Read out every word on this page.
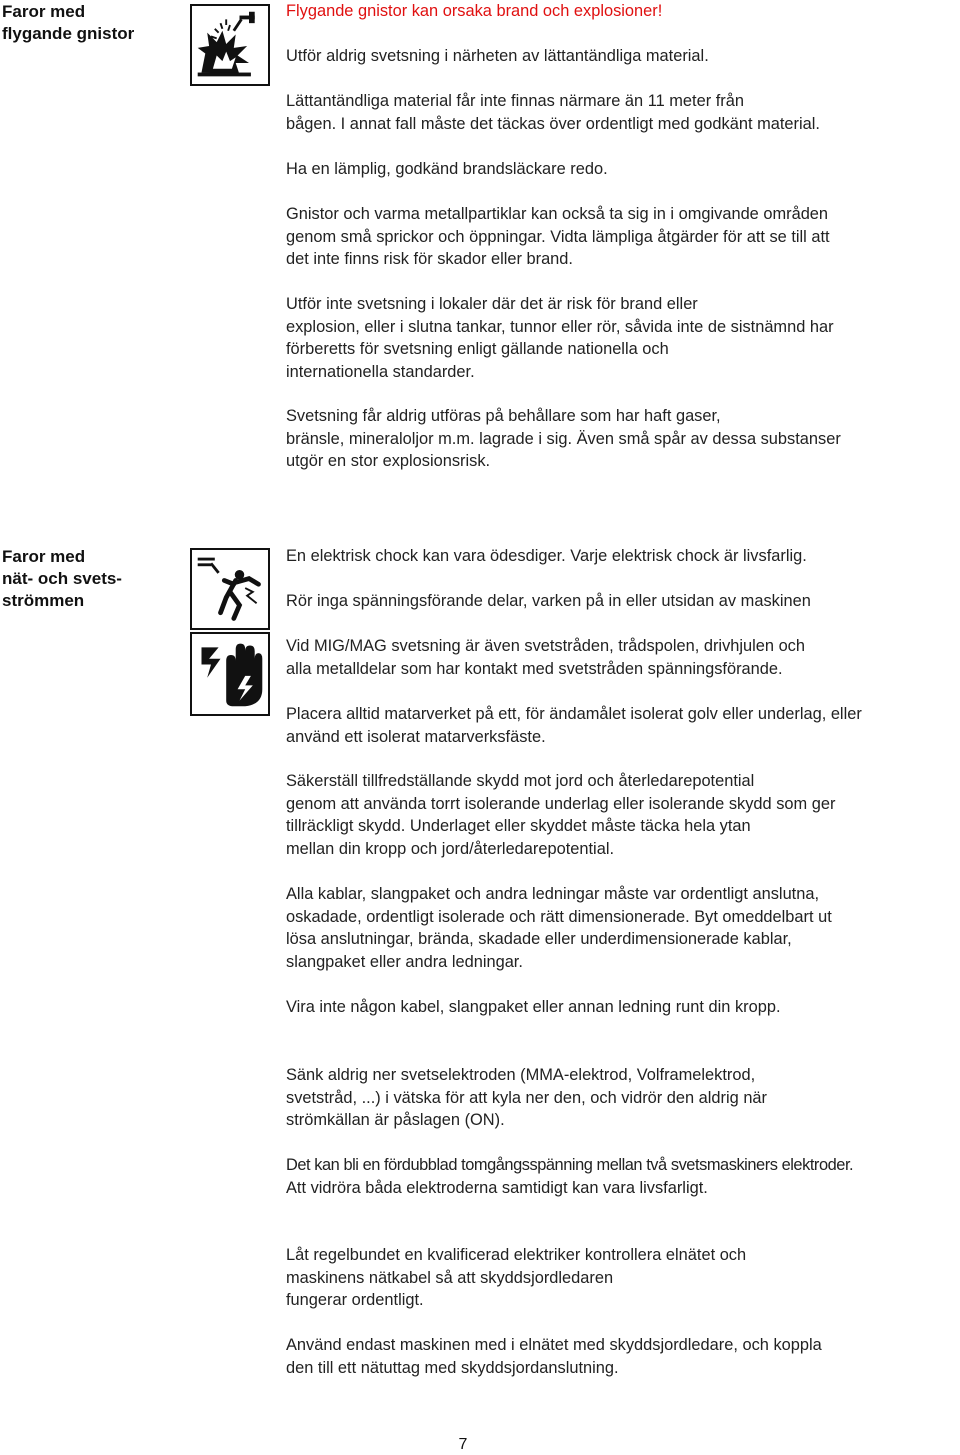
Faror med
flygande gnistor
Flygande gnistor kan orsaka brand och explosioner!
Utför aldrig svetsning i närheten av lättantändliga material.
Lättantändliga material får inte finnas närmare än 11 meter från
bågen. I annat fall måste det täckas över ordentligt med godkänt material.
Ha en lämplig, godkänd brandsläckare redo.
Gnistor och varma metallpartiklar kan också ta sig in i omgivande områden
genom små sprickor och öppningar. Vidta lämpliga åtgärder för att se till att
det inte finns risk för skador eller brand.
Utför inte svetsning i lokaler där det är risk för brand eller
explosion, eller i slutna tankar, tunnor eller rör, såvida inte de sistnämnd har
förberetts för svetsning enligt gällande nationella och
internationella standarder.
Svetsning får aldrig utföras på behållare som har haft gaser,
bränsle, mineraloljor m.m. lagrade i sig. Även små spår av dessa substanser
utgör en stor explosionsrisk.
Faror med
nät- och svets-
strömmen
En elektrisk chock kan vara ödesdiger. Varje elektrisk chock är livsfarlig.
Rör inga spänningsförande delar, varken på in eller utsidan av maskinen
Vid MIG/MAG svetsning är även svetstråden, trådspolen, drivhjulen och
alla metalldelar som har kontakt med svetstråden spänningsförande.
Placera alltid matarverket på ett, för ändamålet isolerat golv eller underlag, eller
använd ett isolerat matarverksfäste.
Säkerställ tillfredställande skydd mot jord och återledarepotential
genom att använda torrt isolerande underlag eller isolerande skydd som ger
tillräckligt skydd. Underlaget eller skyddet måste täcka hela ytan
mellan din kropp och jord/återledarepotential.
Alla kablar, slangpaket och andra ledningar måste var ordentligt anslutna,
oskadade, ordentligt isolerade och rätt dimensionerade. Byt omeddelbart ut
lösa anslutningar, brända, skadade eller underdimensionerade kablar,
slangpaket eller andra ledningar.
Vira inte någon kabel, slangpaket eller annan ledning runt din kropp.
Sänk aldrig ner svetselektroden (MMA-elektrod, Volframelektrod,
svetstråd, ...) i vätska för att kyla ner den, och vidrör den aldrig när
strömkällan är påslagen (ON).
Det kan bli en fördubblad tomgångsspänning mellan två svetsmaskiners elektroder.
Att vidröra båda elektroderna samtidigt kan vara livsfarligt.
Låt regelbundet en kvalificerad elektriker kontrollera elnätet och
maskinens nätkabel så att skyddsjordledaren
fungerar ordentligt.
Använd endast maskinen med i elnätet med skyddsjordledare, och koppla
den till ett nätuttag med skyddsjordanslutning.
7
